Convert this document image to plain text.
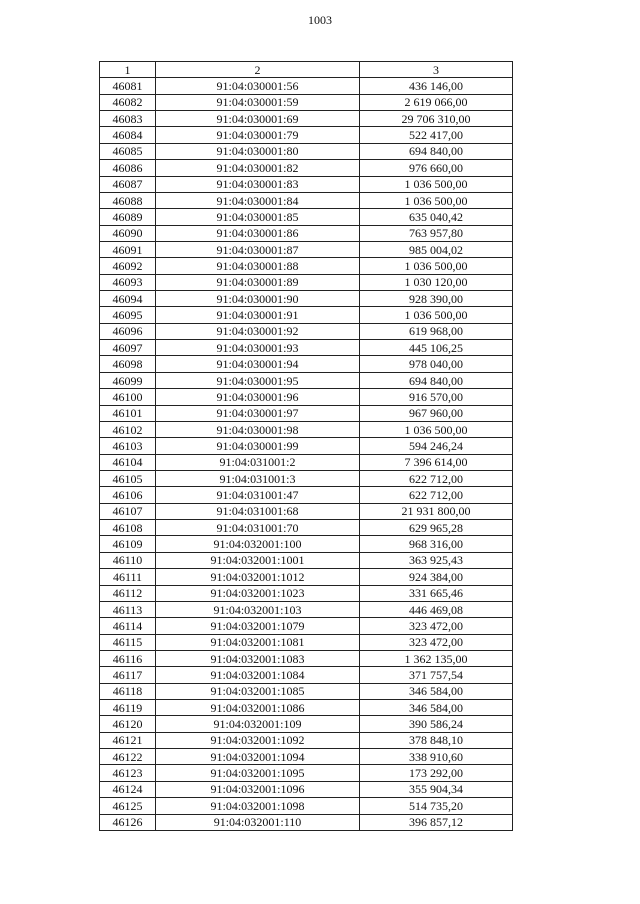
1003
1	2	3
46081	91:04:030001:56	436 146,00
46082	91:04:030001:59	2 619 066,00
46083	91:04:030001:69	29 706 310,00
46084	91:04:030001:79	522 417,00
46085	91:04:030001:80	694 840,00
46086	91:04:030001:82	976 660,00
46087	91:04:030001:83	1 036 500,00
46088	91:04:030001:84	1 036 500,00
46089	91:04:030001:85	635 040,42
46090	91:04:030001:86	763 957,80
46091	91:04:030001:87	985 004,02
46092	91:04:030001:88	1 036 500,00
46093	91:04:030001:89	1 030 120,00
46094	91:04:030001:90	928 390,00
46095	91:04:030001:91	1 036 500,00
46096	91:04:030001:92	619 968,00
46097	91:04:030001:93	445 106,25
46098	91:04:030001:94	978 040,00
46099	91:04:030001:95	694 840,00
46100	91:04:030001:96	916 570,00
46101	91:04:030001:97	967 960,00
46102	91:04:030001:98	1 036 500,00
46103	91:04:030001:99	594 246,24
46104	91:04:031001:2	7 396 614,00
46105	91:04:031001:3	622 712,00
46106	91:04:031001:47	622 712,00
46107	91:04:031001:68	21 931 800,00
46108	91:04:031001:70	629 965,28
46109	91:04:032001:100	968 316,00
46110	91:04:032001:1001	363 925,43
46111	91:04:032001:1012	924 384,00
46112	91:04:032001:1023	331 665,46
46113	91:04:032001:103	446 469,08
46114	91:04:032001:1079	323 472,00
46115	91:04:032001:1081	323 472,00
46116	91:04:032001:1083	1 362 135,00
46117	91:04:032001:1084	371 757,54
46118	91:04:032001:1085	346 584,00
46119	91:04:032001:1086	346 584,00
46120	91:04:032001:109	390 586,24
46121	91:04:032001:1092	378 848,10
46122	91:04:032001:1094	338 910,60
46123	91:04:032001:1095	173 292,00
46124	91:04:032001:1096	355 904,34
46125	91:04:032001:1098	514 735,20
46126	91:04:032001:110	396 857,12
